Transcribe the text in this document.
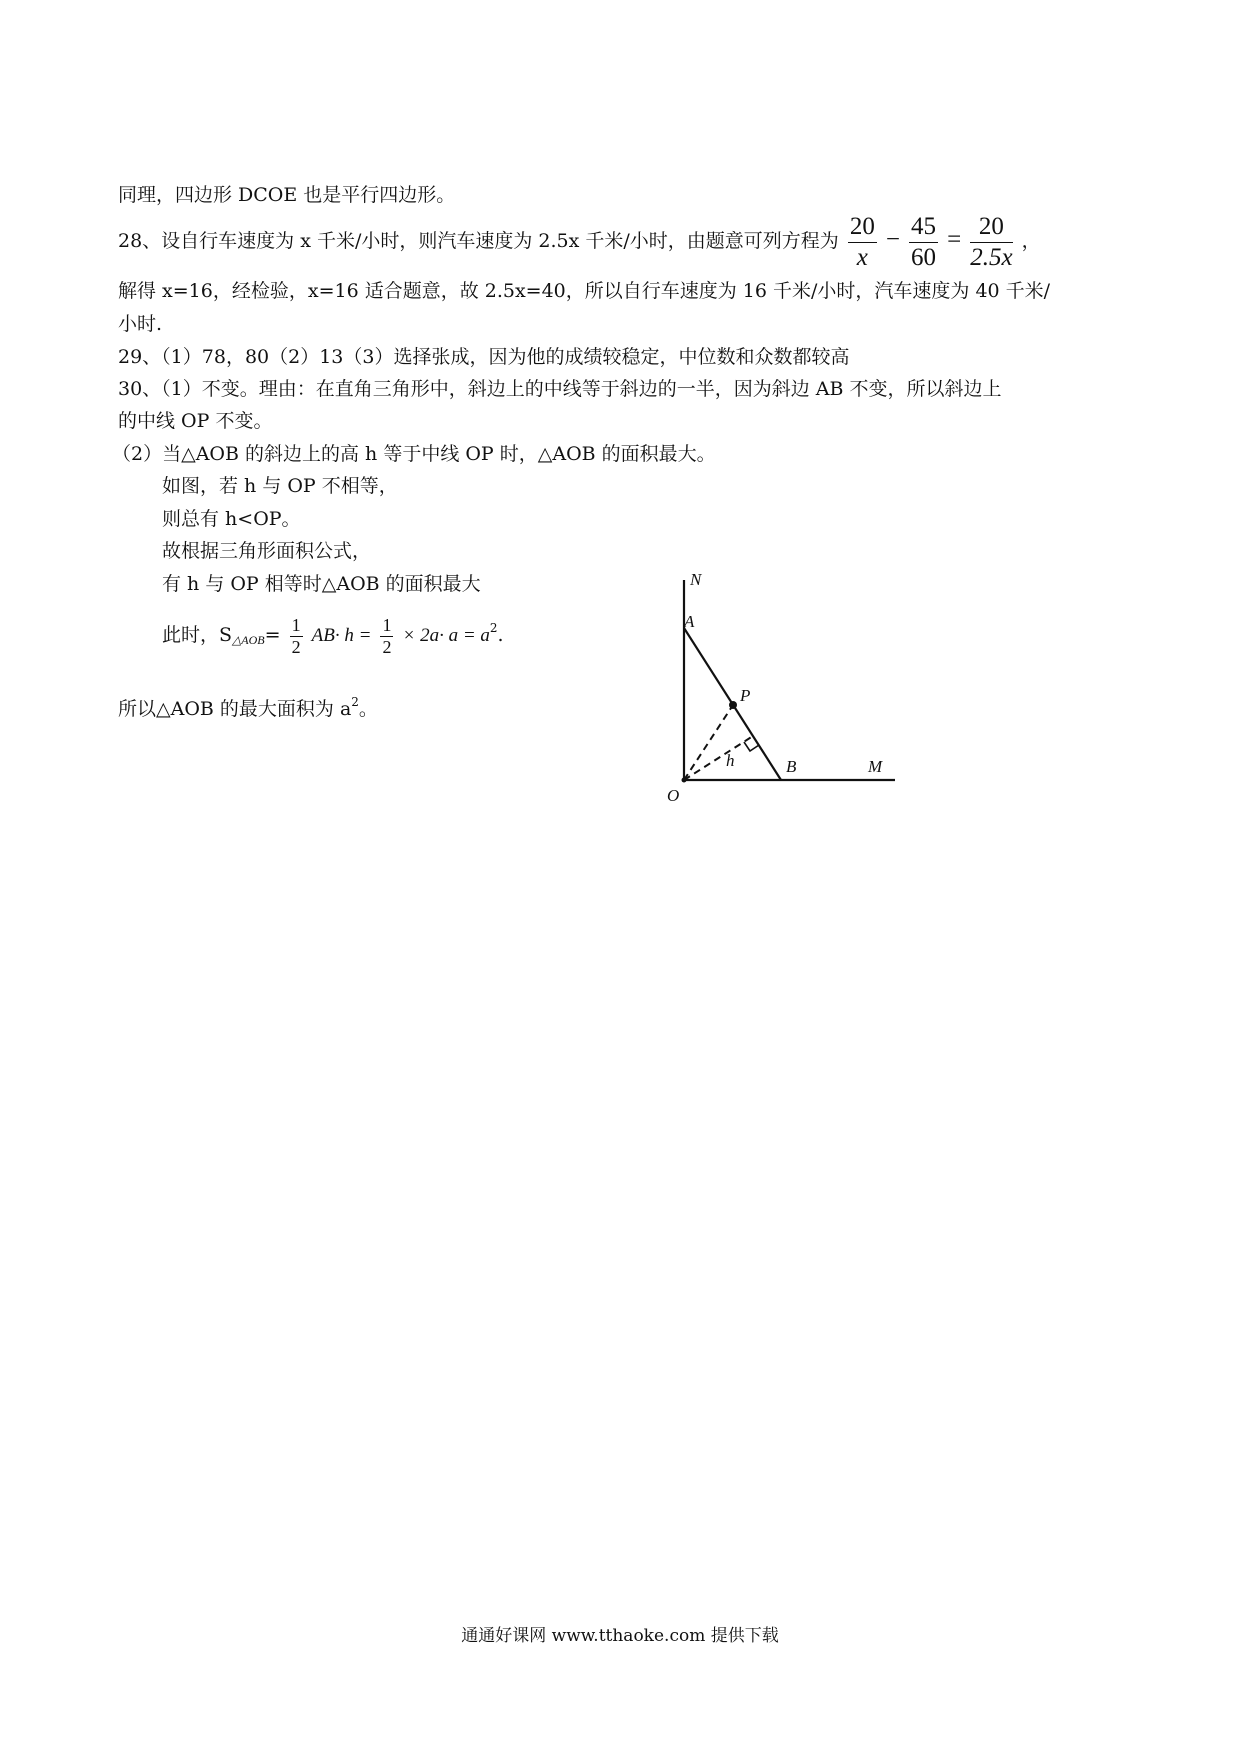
同理，四边形 DCOE 也是平行四边形。
28、设自行车速度为 x 千米/小时，则汽车速度为 2.5x 千米/小时，由题意可列方程为 $\frac{20}{x} - \frac{45}{60} = \frac{20}{2.5x}$ ，
解得 x=16，经检验，x=16 适合题意，故 2.5x=40，所以自行车速度为 16 千米/小时，汽车速度为 40 千米/
小时.
29、（1）78，80（2）13（3）选择张成，因为他的成绩较稳定，中位数和众数都较高
30、（1）不变。理由：在直角三角形中，斜边上的中线等于斜边的一半，因为斜边 AB 不变，所以斜边上
的中线 OP 不变。
（2）当△AOB 的斜边上的高 h 等于中线 OP 时，△AOB 的面积最大。
如图，若 h 与 OP 不相等，
则总有 h<OP。
故根据三角形面积公式，
有 h 与 OP 相等时△AOB 的面积最大
此时，$S_{\triangle AOB}= \frac{1}{2} AB\cdot h = \frac{1}{2} \times 2a\cdot a = a^2$.
所以△AOB 的最大面积为 $a^2$。
N
A
P
h	B	M
O
通通好课网 www.tthaoke.com 提供下载
